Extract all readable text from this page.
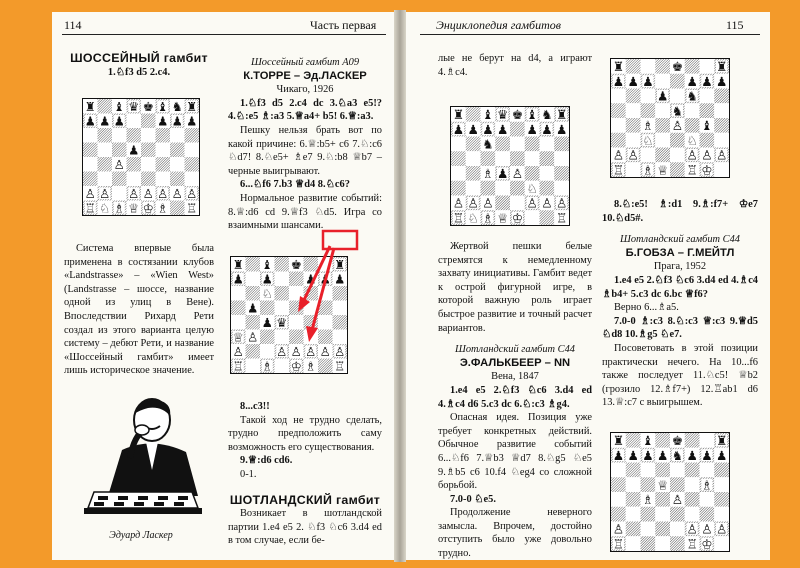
114	Часть первая

ШОССЕЙНЫЙ гамбит

1.♘f3 d5 2.c4.

Система впервые была применена в состязании клубов «Landstrasse» – «Wien West» (Landstrasse – шоссе, название одной из улиц в Вене). Впоследствии Рихард Рети создал из этого варианта целую систему – дебют Рети, и название «Шоссейный гамбит» имеет лишь историческое значение.

Эдуард Ласкер

Шоссейный гамбит А09

К.ТОРРЕ – Эд.ЛАСКЕР

Чикаго, 1926

1.♘f3 d5 2.c4 dc 3.♘a3 e5!? 4.♘:e5 ♗:a3 5.♕a4+ b5! 6.♕:a3.

Пешку нельзя брать вот по какой причине: 6.♕:b5+ c6 7.♘:c6 ♘d7! 8.♘e5+ ♗e7 9.♘:b8 ♕b7 – черные выигрывают.

6...♘f6 7.b3 ♕d4 8.♘c6?

Нормальное развитие событий: 8.♕:d6 cd 9.♕f3 ♘d5. Игра со взаимными шансами.

8...c3!!

Такой ход не трудно сделать, трудно предположить саму возможность его существования.

9.♕:d6 cd6.

0-1.

ШОТЛАНДСКИЙ гамбит

Возникает в шотландской партии 1.e4 e5 2. ♘f3 ♘c6 3.d4 ed в том случае, если бе-

Энциклопедия гамбитов	115

лые не берут на d4, а играют 4.♗c4.

Жертвой пешки белые стремятся к немедленному захвату инициативы. Гамбит ведет к острой фигурной игре, в которой важную роль играет быстрое развитие и точный расчет вариантов.

Шотландский гамбит С44

Э.ФАЛЬКБЕЕР – NN

Вена, 1847

1.e4 e5 2.♘f3 ♘c6 3.d4 ed 4.♗c4 d6 5.c3 dc 6.♘:c3 ♗g4.

Опасная идея. Позиция уже требует конкретных действий. Обычное развитие событий 6...♘f6 7.♕b3 ♕d7 8.♘g5 ♘e5 9.♗b5 c6 10.f4 ♘eg4 со сложной борьбой.

7.0-0 ♘e5.

Продолжение неверного замысла. Впрочем, достойно отступить было уже довольно трудно.

8.♘:e5! ♗:d1 9.♗:f7+ ♔e7 10.♘d5#.

Шотландский гамбит С44

Б.ГОБЗА – Г.МЕЙТЛ

Прага, 1952

1.e4 e5 2.♘f3 ♘c6 3.d4 ed 4.♗c4 ♗b4+ 5.c3 dc 6.bc ♕f6?

Верно 6...♗a5.

7.0-0 ♗:c3 8.♘:c3 ♕:c3 9.♕d5 ♘d8 10.♗g5 ♘e7.

Посоветовать в этой позиции практически нечего. На 10...f6 также последует 11.♘c5! ♕b2 (грозило 12.♗f7+) 12.♖ab1 d6 13.♕:c7 с выигрышем.
